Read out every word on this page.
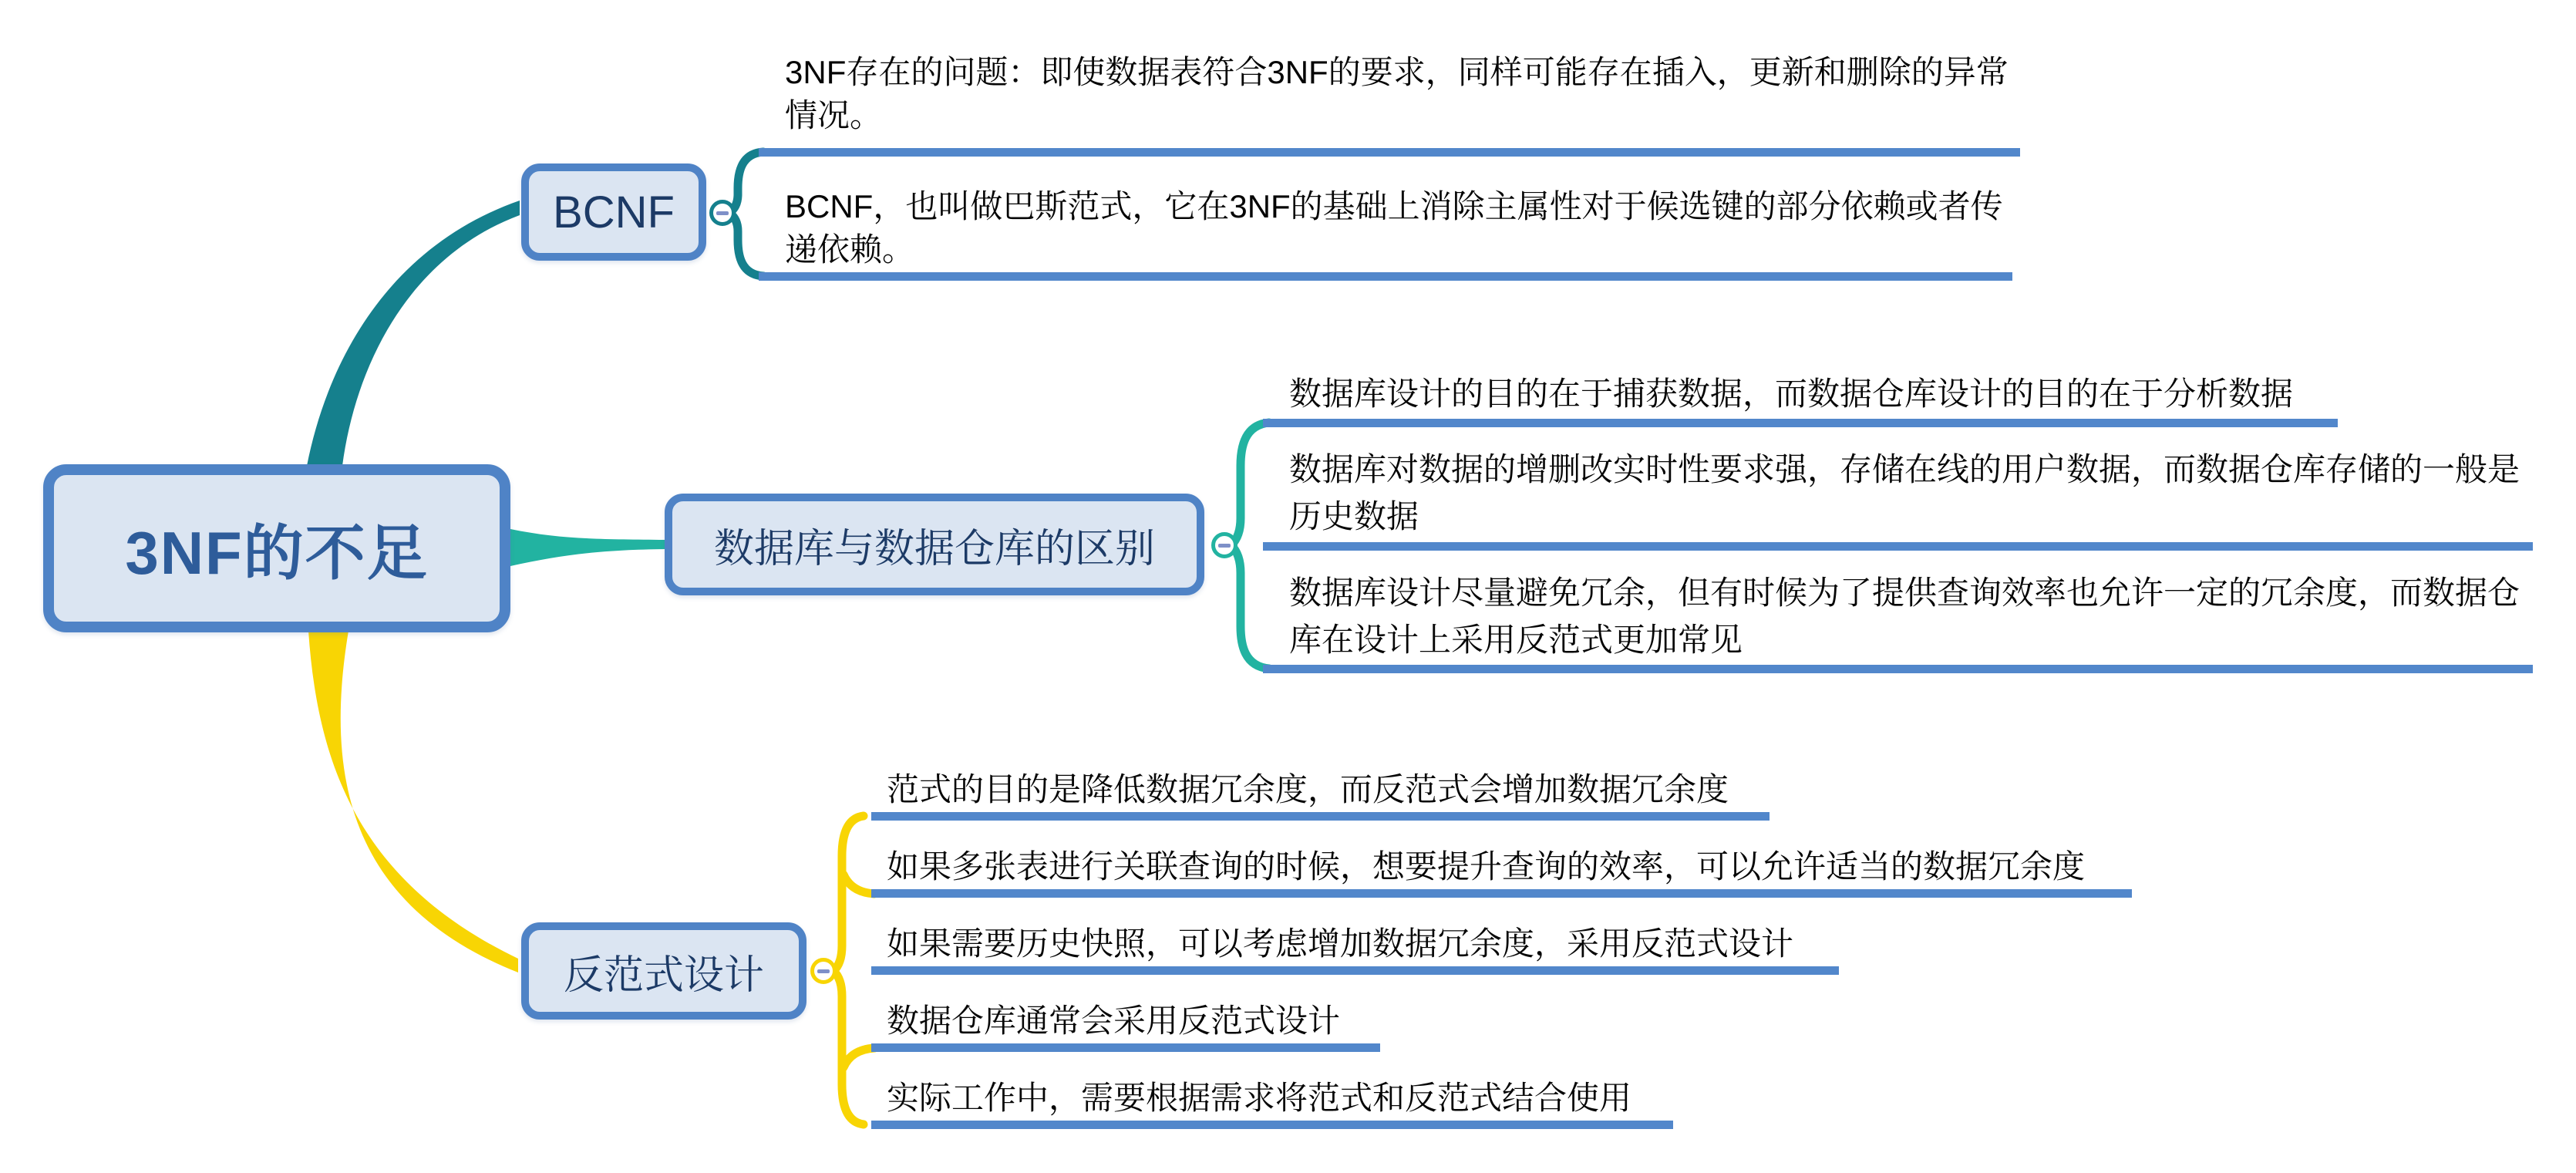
3NF的不足
BCNF
3NF存在的问题：即使数据表符合3NF的要求，同样可能存在插入，更新和删除的异常情况。
BCNF，也叫做巴斯范式，它在3NF的基础上消除主属性对于候选键的部分依赖或者传递依赖。
数据库与数据仓库的区别
数据库设计的目的在于捕获数据，而数据仓库设计的目的在于分析数据
数据库对数据的增删改实时性要求强，存储在线的用户数据，而数据仓库存储的一般是历史数据
数据库设计尽量避免冗余，但有时候为了提供查询效率也允许一定的冗余度，而数据仓库在设计上采用反范式更加常见
反范式设计
范式的目的是降低数据冗余度，而反范式会增加数据冗余度
如果多张表进行关联查询的时候，想要提升查询的效率，可以允许适当的数据冗余度
如果需要历史快照，可以考虑增加数据冗余度，采用反范式设计
数据仓库通常会采用反范式设计
实际工作中，需要根据需求将范式和反范式结合使用
